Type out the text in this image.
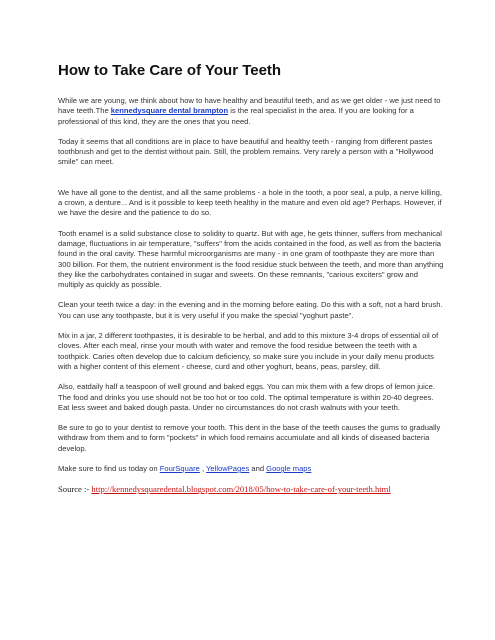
How to Take Care of Your Teeth

While we are young, we think about how to have healthy and beautiful teeth, and as we get older - we just need to have teeth.The kennedysquare dental brampton is the real specialist in the area. If you are looking for a professional of this kind, they are the ones that you need.

Today it seems that all conditions are in place to have beautiful and healthy teeth - ranging from different pastes toothbrush and get to the dentist without pain. Still, the problem remains. Very rarely a person with a "Hollywood smile" can meet.

We have all gone to the dentist, and all the same problems - a hole in the tooth, a poor seal, a pulp, a nerve killing, a crown, a denture... And is it possible to keep teeth healthy in the mature and even old age? Perhaps. However, if we have the desire and the patience to do so.

Tooth enamel is a solid substance close to solidity to quartz. But with age, he gets thinner, suffers from mechanical damage, fluctuations in air temperature, "suffers" from the acids contained in the food, as well as from the bacteria found in the oral cavity. These harmful microorganisms are many - in one gram of toothpaste they are more than 300 billion. For them, the nutrient environment is the food residue stuck between the teeth, and more than anything they like the carbohydrates contained in sugar and sweets. On these remnants, "carious exciters" grow and multiply as quickly as possible.

Clean your teeth twice a day: in the evening and in the morning before eating. Do this with a soft, not a hard brush. You can use any toothpaste, but it is very useful if you make the special "yoghurt paste".

Mix in a jar, 2 different toothpastes, it is desirable to be herbal, and add to this mixture 3-4 drops of essential oil of cloves. After each meal, rinse your mouth with water and remove the food residue between the teeth with a toothpick. Caries often develop due to calcium deficiency, so make sure you include in your daily menu products with a higher content of this element - cheese, curd and other yoghurt, beans, peas, parsley, dill.

Also, eatdaily half a teaspoon of well ground and baked eggs. You can mix them with a few drops of lemon juice. The food and drinks you use should not be too hot or too cold. The optimal temperature is within 20-40 degrees. Eat less sweet and baked dough pasta. Under no circumstances do not crash walnuts with your teeth.

Be sure to go to your dentist to remove your tooth. This dent in the base of the teeth causes the gums to gradually withdraw from them and to form "pockets" in which food remains accumulate and all kinds of diseased bacteria develop.

Make sure to find us today on FourSquare , YellowPages and Google maps

Source :- http://kennedysquaredental.blogspot.com/2018/05/how-to-take-care-of-your-teeth.html
